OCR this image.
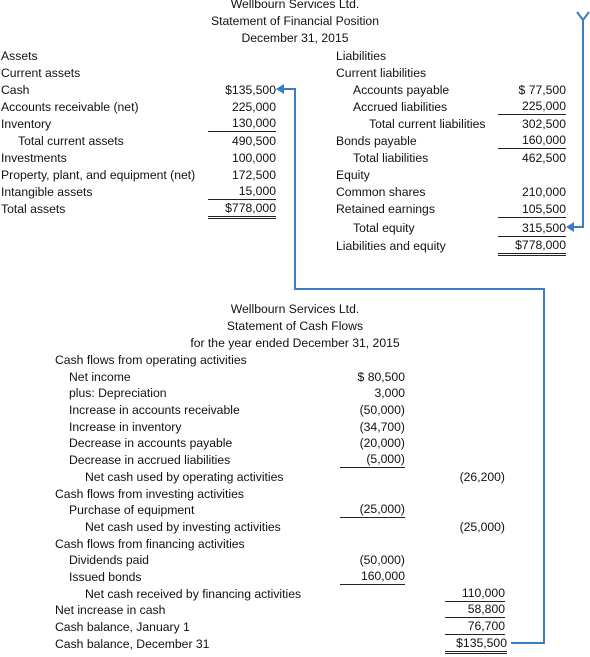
Wellbourn Services Ltd.
Statement of Financial Position
December 31, 2015
Assets
Current assets
Cash	$135,500
Accounts receivable (net)	225,000
Inventory	130,000
Total current assets	490,500
Investments	100,000
Property, plant, and equipment (net)	172,500
Intangible assets	15,000
Total assets	$778,000
Liabilities
Current liabilities
Accounts payable	$ 77,500
Accrued liabilities	225,000
Total current liabilities	302,500
Bonds payable	160,000
Total liabilities	462,500
Equity
Common shares	210,000
Retained earnings	105,500
Total equity	315,500
Liabilities and equity	$778,000
Wellbourn Services Ltd.
Statement of Cash Flows
for the year ended December 31, 2015
Cash flows from operating activities
Net income	$ 80,500
plus: Depreciation	3,000
Increase in accounts receivable	(50,000)
Increase in inventory	(34,700)
Decrease in accounts payable	(20,000)
Decrease in accrued liabilities	(5,000)
Net cash used by operating activities	(26,200)
Cash flows from investing activities
Purchase of equipment	(25,000)
Net cash used by investing activities	(25,000)
Cash flows from financing activities
Dividends paid	(50,000)
Issued bonds	160,000
Net cash received by financing activities	110,000
Net increase in cash	58,800
Cash balance, January 1	76,700
Cash balance, December 31	$135,500
